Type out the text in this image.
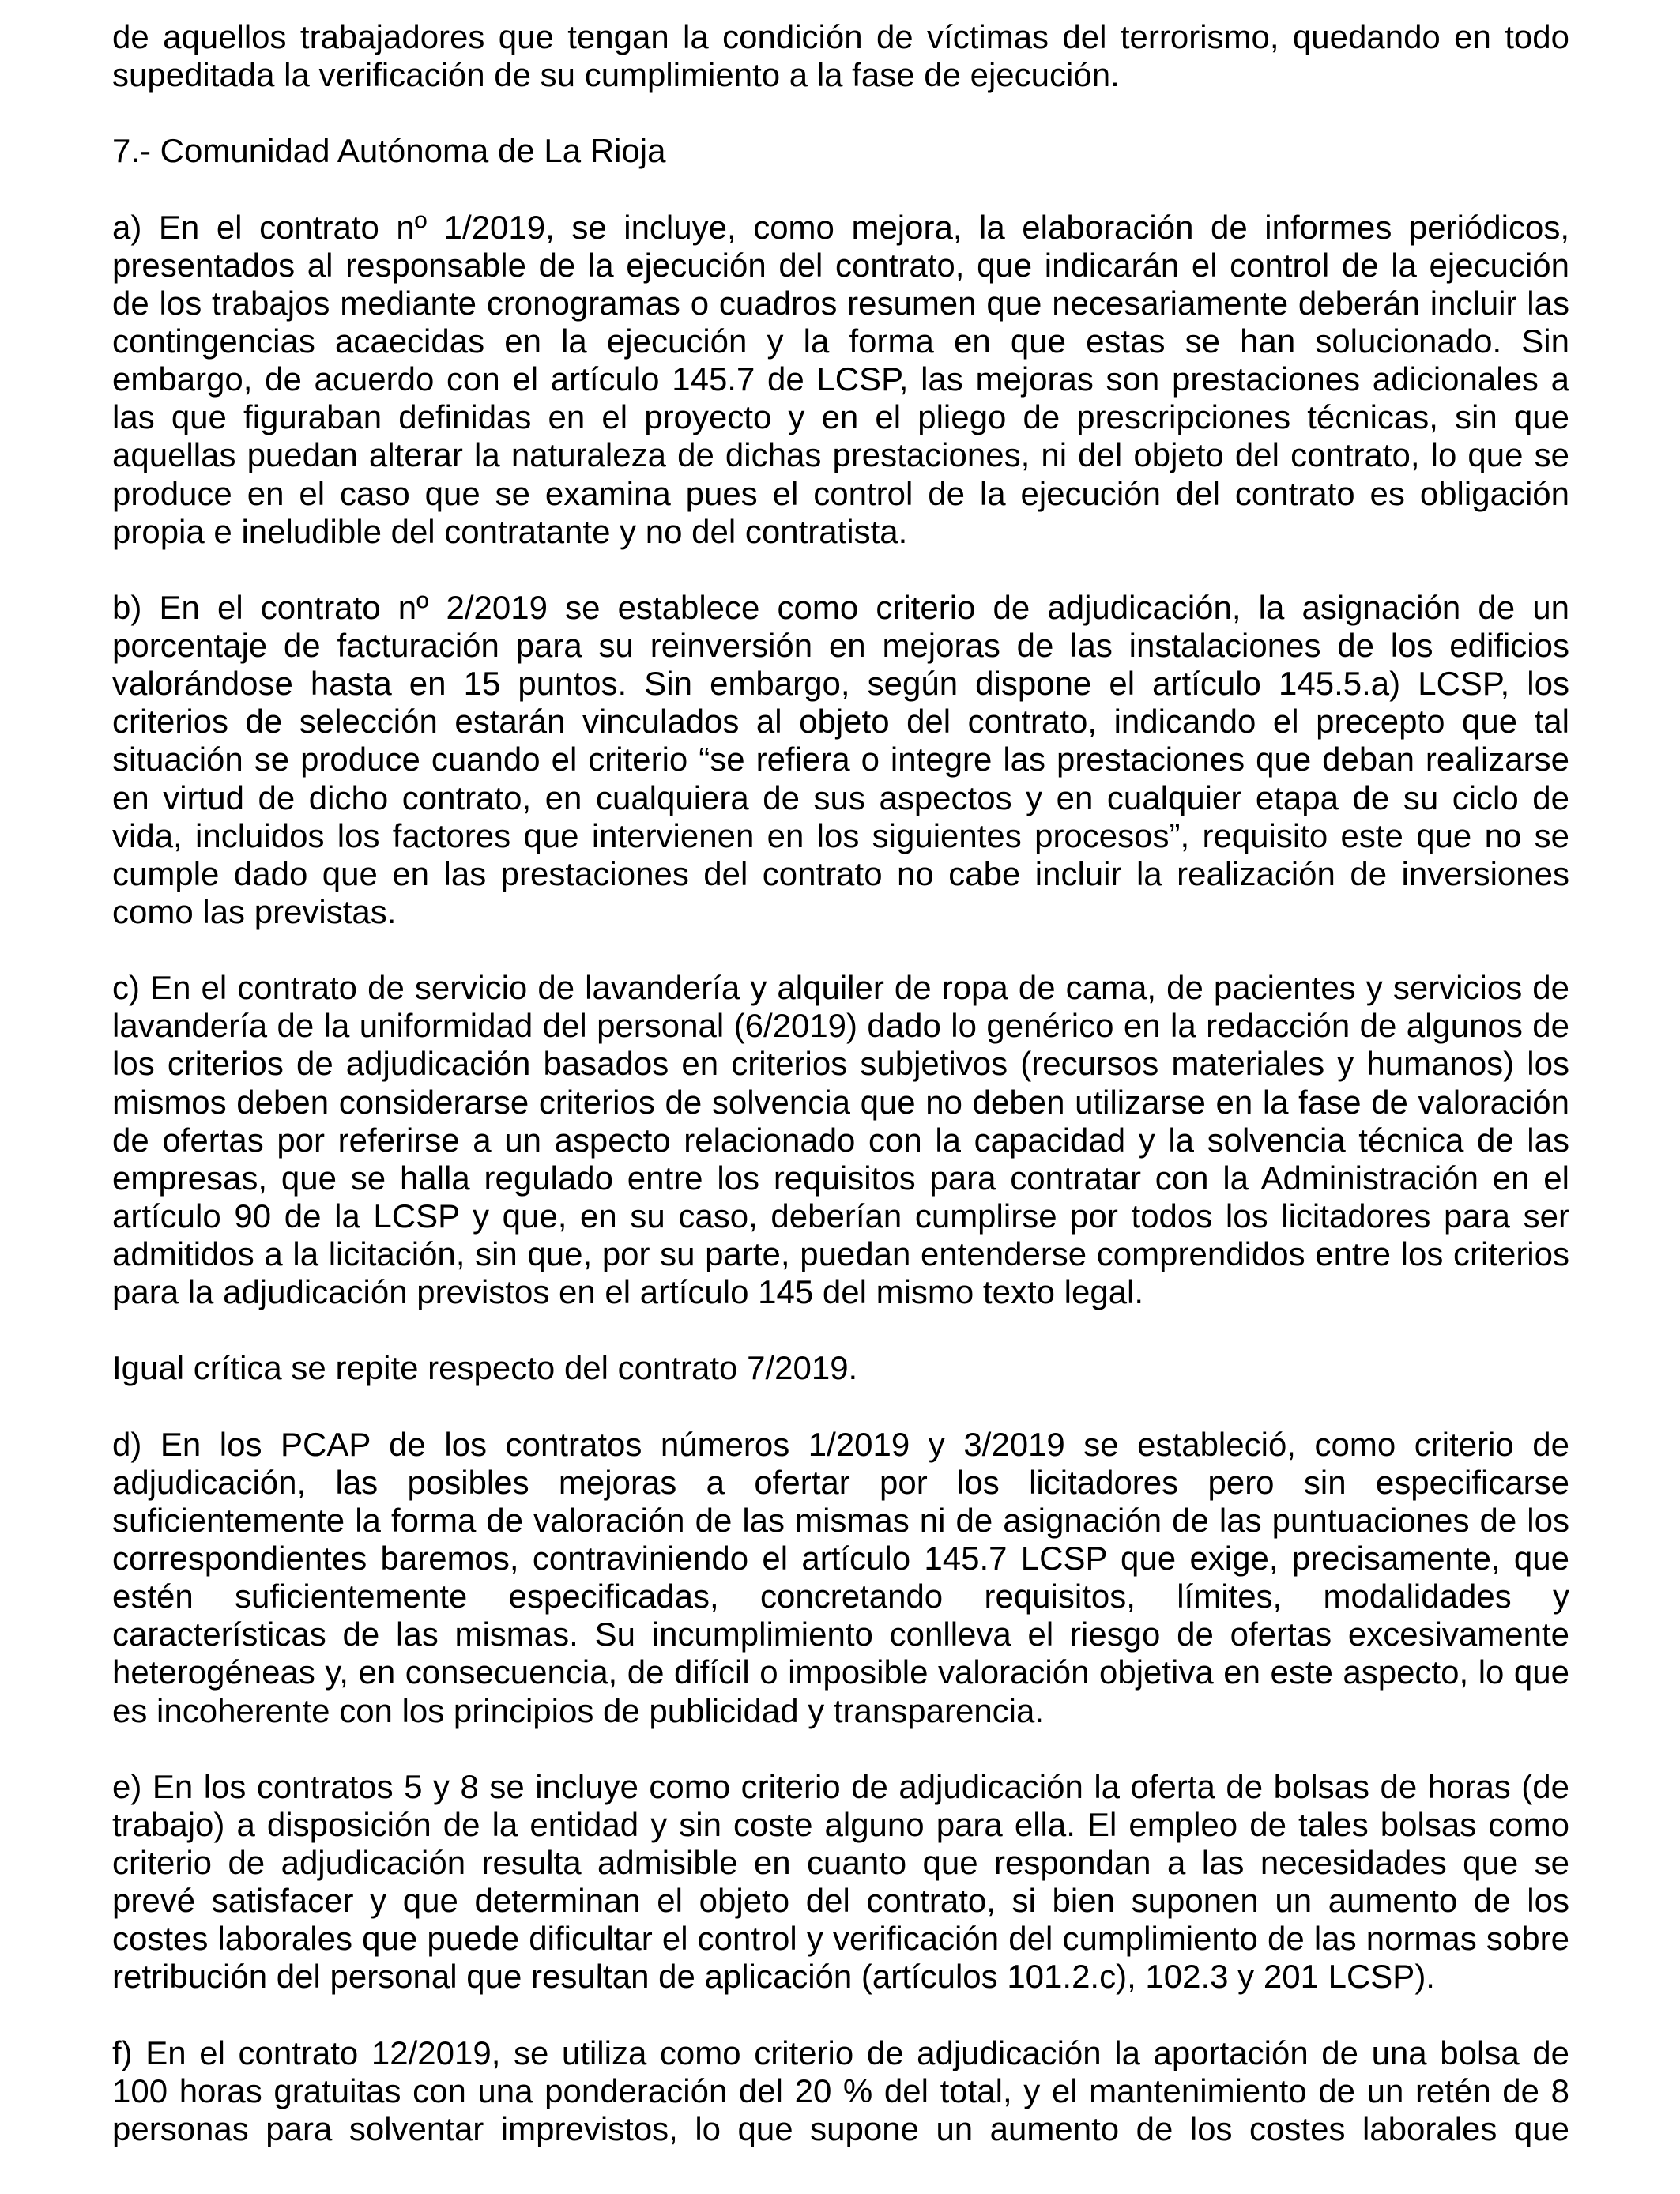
de aquellos trabajadores que tengan la condición de víctimas del terrorismo, quedando en todo
supeditada la verificación de su cumplimiento a la fase de ejecución.
7.- Comunidad Autónoma de La Rioja
a) En el contrato nº 1/2019, se incluye, como mejora, la elaboración de informes periódicos,
presentados al responsable de la ejecución del contrato, que indicarán el control de la ejecución
de los trabajos mediante cronogramas o cuadros resumen que necesariamente deberán incluir las
contingencias acaecidas en la ejecución y la forma en que estas se han solucionado. Sin
embargo, de acuerdo con el artículo 145.7 de LCSP, las mejoras son prestaciones adicionales a
las que figuraban definidas en el proyecto y en el pliego de prescripciones técnicas, sin que
aquellas puedan alterar la naturaleza de dichas prestaciones, ni del objeto del contrato, lo que se
produce en el caso que se examina pues el control de la ejecución del contrato es obligación
propia e ineludible del contratante y no del contratista.
b) En el contrato nº 2/2019 se establece como criterio de adjudicación, la asignación de un
porcentaje de facturación para su reinversión en mejoras de las instalaciones de los edificios
valorándose hasta en 15 puntos. Sin embargo, según dispone el artículo 145.5.a) LCSP, los
criterios de selección estarán vinculados al objeto del contrato, indicando el precepto que tal
situación se produce cuando el criterio “se refiera o integre las prestaciones que deban realizarse
en virtud de dicho contrato, en cualquiera de sus aspectos y en cualquier etapa de su ciclo de
vida, incluidos los factores que intervienen en los siguientes procesos”, requisito este que no se
cumple dado que en las prestaciones del contrato no cabe incluir la realización de inversiones
como las previstas.
c) En el contrato de servicio de lavandería y alquiler de ropa de cama, de pacientes y servicios de
lavandería de la uniformidad del personal (6/2019) dado lo genérico en la redacción de algunos de
los criterios de adjudicación basados en criterios subjetivos (recursos materiales y humanos) los
mismos deben considerarse criterios de solvencia que no deben utilizarse en la fase de valoración
de ofertas por referirse a un aspecto relacionado con la capacidad y la solvencia técnica de las
empresas, que se halla regulado entre los requisitos para contratar con la Administración en el
artículo 90 de la LCSP y que, en su caso, deberían cumplirse por todos los licitadores para ser
admitidos a la licitación, sin que, por su parte, puedan entenderse comprendidos entre los criterios
para la adjudicación previstos en el artículo 145 del mismo texto legal.
Igual crítica se repite respecto del contrato 7/2019.
d) En los PCAP de los contratos números 1/2019 y 3/2019 se estableció, como criterio de
adjudicación, las posibles mejoras a ofertar por los licitadores pero sin especificarse
suficientemente la forma de valoración de las mismas ni de asignación de las puntuaciones de los
correspondientes baremos, contraviniendo el artículo 145.7 LCSP que exige, precisamente, que
estén suficientemente especificadas, concretando requisitos, límites, modalidades y
características de las mismas. Su incumplimiento conlleva el riesgo de ofertas excesivamente
heterogéneas y, en consecuencia, de difícil o imposible valoración objetiva en este aspecto, lo que
es incoherente con los principios de publicidad y transparencia.
e) En los contratos 5 y 8 se incluye como criterio de adjudicación la oferta de bolsas de horas (de
trabajo) a disposición de la entidad y sin coste alguno para ella. El empleo de tales bolsas como
criterio de adjudicación resulta admisible en cuanto que respondan a las necesidades que se
prevé satisfacer y que determinan el objeto del contrato, si bien suponen un aumento de los
costes laborales que puede dificultar el control y verificación del cumplimiento de las normas sobre
retribución del personal que resultan de aplicación (artículos 101.2.c), 102.3 y 201 LCSP).
f) En el contrato 12/2019, se utiliza como criterio de adjudicación la aportación de una bolsa de
100 horas gratuitas con una ponderación del 20 % del total, y el mantenimiento de un retén de 8
personas para solventar imprevistos, lo que supone un aumento de los costes laborales que
